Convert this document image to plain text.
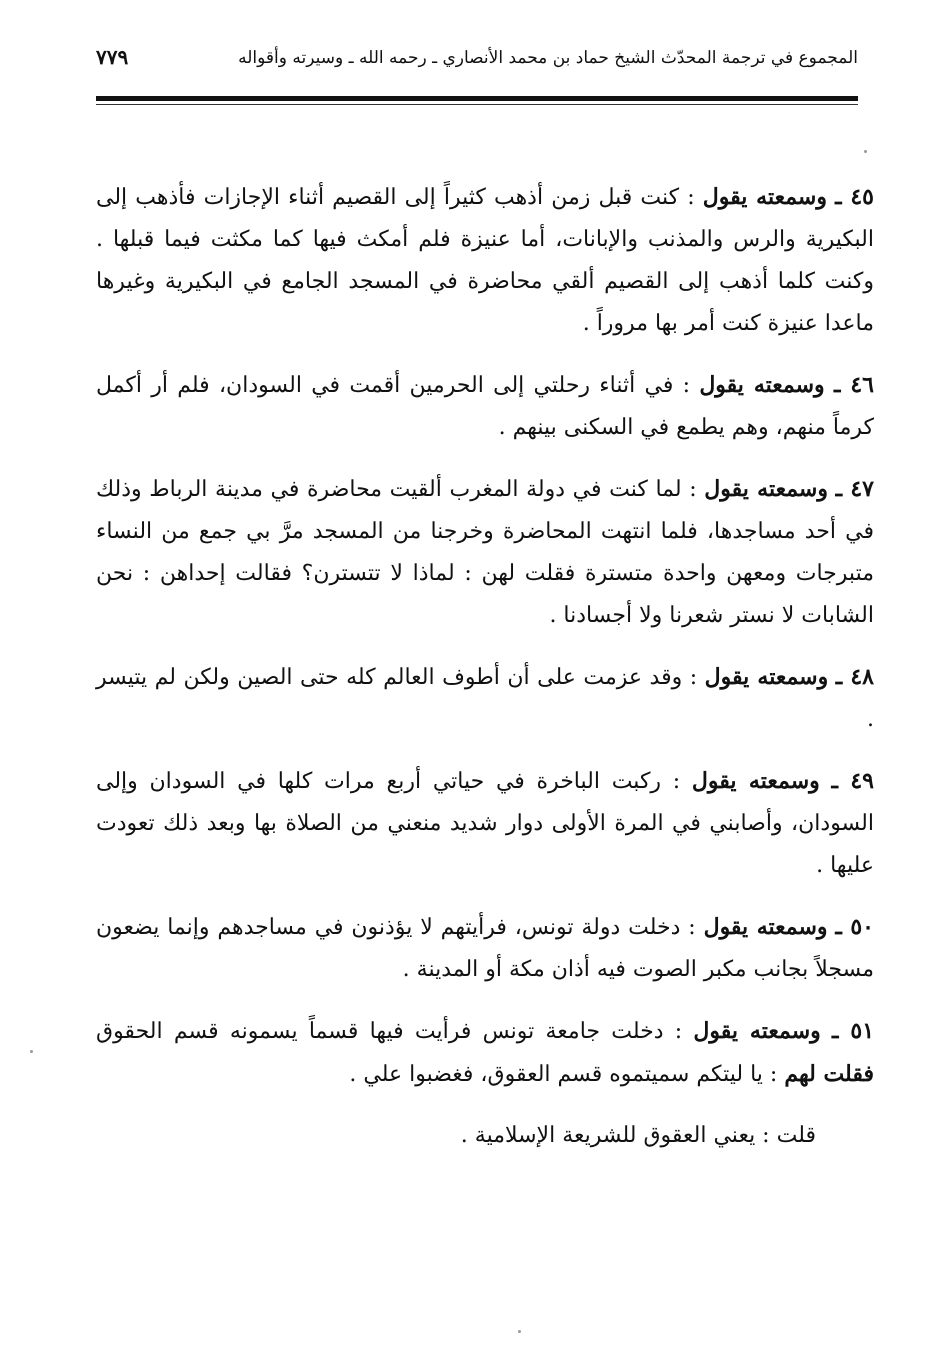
المجموع في ترجمة المحدّث الشيخ حماد بن محمد الأنصاري ـ رحمه الله ـ وسيرته وأقواله
٧٧٩

٤٥ ـ وسمعته يقول : كنت قبل زمن أذهب كثيراً إلى القصيم أثناء الإجازات فأذهب إلى البكيرية والرس والمذنب والإبانات، أما عنيزة فلم أمكث فيها كما مكثت فيما قبلها . وكنت كلما أذهب إلى القصيم ألقي محاضرة في المسجد الجامع في البكيرية وغيرها ماعدا عنيزة كنت أمر بها مروراً .

٤٦ ـ وسمعته يقول : في أثناء رحلتي إلى الحرمين أقمت في السودان، فلم أر أكمل كرماً منهم، وهم يطمع في السكنى بينهم .

٤٧ ـ وسمعته يقول : لما كنت في دولة المغرب ألقيت محاضرة في مدينة الرباط وذلك في أحد مساجدها، فلما انتهت المحاضرة وخرجنا من المسجد مرَّ بي جمع من النساء متبرجات ومعهن واحدة متسترة فقلت لهن : لماذا لا تتسترن؟ فقالت إحداهن : نحن الشابات لا نستر شعرنا ولا أجسادنا .

٤٨ ـ وسمعته يقول : وقد عزمت على أن أطوف العالم كله حتى الصين ولكن لم يتيسر .

٤٩ ـ وسمعته يقول : ركبت الباخرة في حياتي أربع مرات كلها في السودان وإلى السودان، وأصابني في المرة الأولى دوار شديد منعني من الصلاة بها وبعد ذلك تعودت عليها .

٥٠ ـ وسمعته يقول : دخلت دولة تونس، فرأيتهم لا يؤذنون في مساجدهم وإنما يضعون مسجلاً بجانب مكبر الصوت فيه أذان مكة أو المدينة .

٥١ ـ وسمعته يقول : دخلت جامعة تونس فرأيت فيها قسماً يسمونه قسم الحقوق فقلت لهم : يا ليتكم سميتموه قسم العقوق، فغضبوا علي .

قلت : يعني العقوق للشريعة الإسلامية .
